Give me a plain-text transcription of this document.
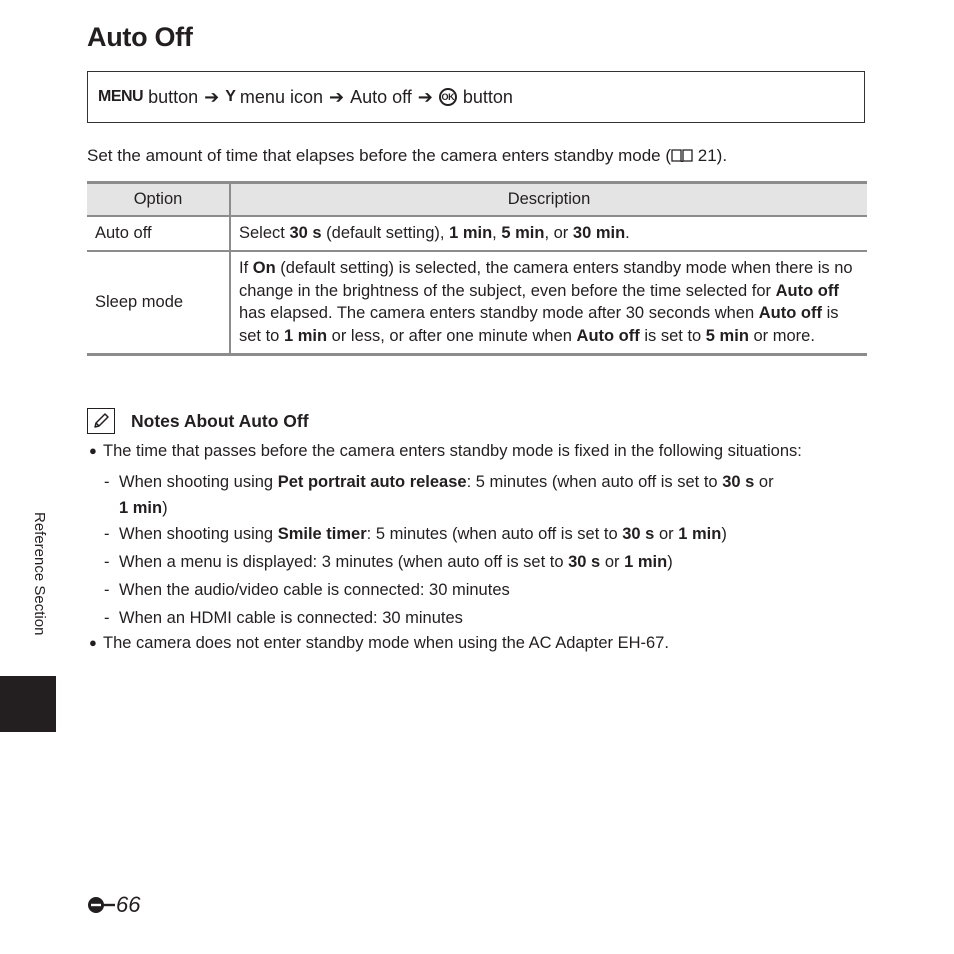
Auto Off
MENU button ➔ Y menu icon ➔ Auto off ➔ OK button

Set the amount of time that elapses before the camera enters standby mode ( 21).

Option	Description
Auto off	Select 30 s (default setting), 1 min, 5 min, or 30 min.
Sleep mode	If On (default setting) is selected, the camera enters standby mode when there is no change in the brightness of the subject, even before the time selected for Auto off has elapsed. The camera enters standby mode after 30 seconds when Auto off is set to 1 min or less, or after one minute when Auto off is set to 5 min or more.
Notes About Auto Off
● The time that passes before the camera enters standby mode is fixed in the following situations:
- When shooting using Pet portrait auto release: 5 minutes (when auto off is set to 30 s or
1 min)
- When shooting using Smile timer: 5 minutes (when auto off is set to 30 s or 1 min)
- When a menu is displayed: 3 minutes (when auto off is set to 30 s or 1 min)
- When the audio/video cable is connected: 30 minutes
- When an HDMI cable is connected: 30 minutes
● The camera does not enter standby mode when using the AC Adapter EH-67.
Reference Section
66
